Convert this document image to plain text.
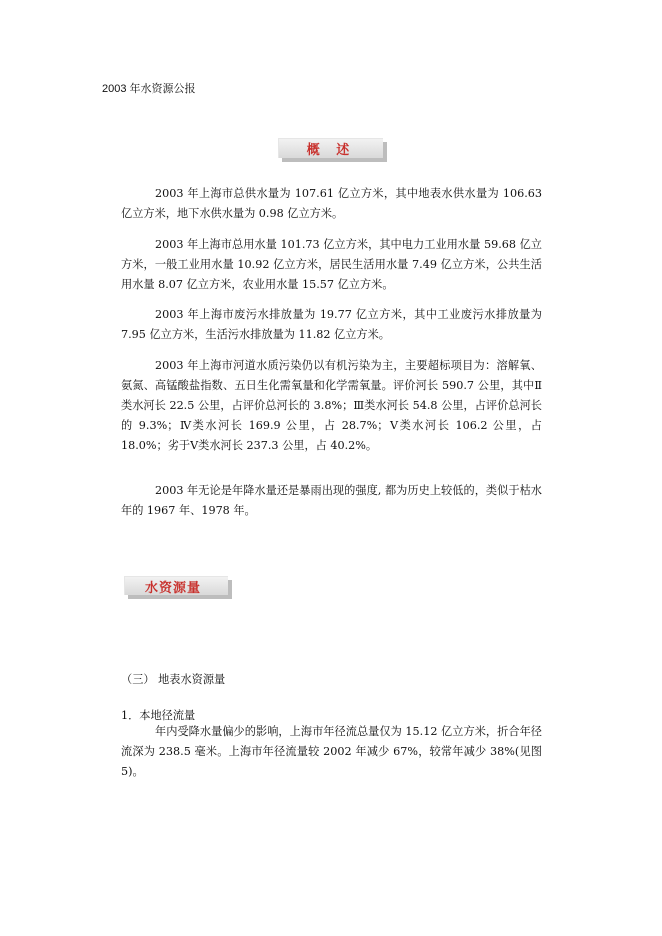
2003 年水资源公报
概 述

2003 年上海市总供水量为 107.61 亿立方米，其中地表水供水量为 106.63 亿立方米，地下水供水量为 0.98 亿立方米。

2003 年上海市总用水量 101.73 亿立方米，其中电力工业用水量 59.68 亿立方米，一般工业用水量 10.92 亿立方米，居民生活用水量 7.49 亿立方米，公共生活用水量 8.07 亿立方米，农业用水量 15.57 亿立方米。

2003 年上海市废污水排放量为 19.77 亿立方米，其中工业废污水排放量为 7.95 亿立方米，生活污水排放量为 11.82 亿立方米。

2003 年上海市河道水质污染仍以有机污染为主，主要超标项目为：溶解氧、氨氮、高锰酸盐指数、五日生化需氧量和化学需氧量。评价河长 590.7 公里，其中Ⅱ类水河长 22.5 公里，占评价总河长的 3.8%；Ⅲ类水河长 54.8 公里，占评价总河长的 9.3%；Ⅳ类水河长 169.9 公里，占 28.7%；Ⅴ类水河长 106.2 公里，占 18.0%；劣于Ⅴ类水河长 237.3 公里，占 40.2%。

2003 年无论是年降水量还是暴雨出现的强度, 都为历史上较低的，类似于枯水年的 1967 年、1978 年。

水资源量
（三） 地表水资源量
1．本地径流量

年内受降水量偏少的影响，上海市年径流总量仅为 15.12 亿立方米，折合年径流深为 238.5 毫米。上海市年径流量较 2002 年减少 67%，较常年减少 38%(见图 5)。
